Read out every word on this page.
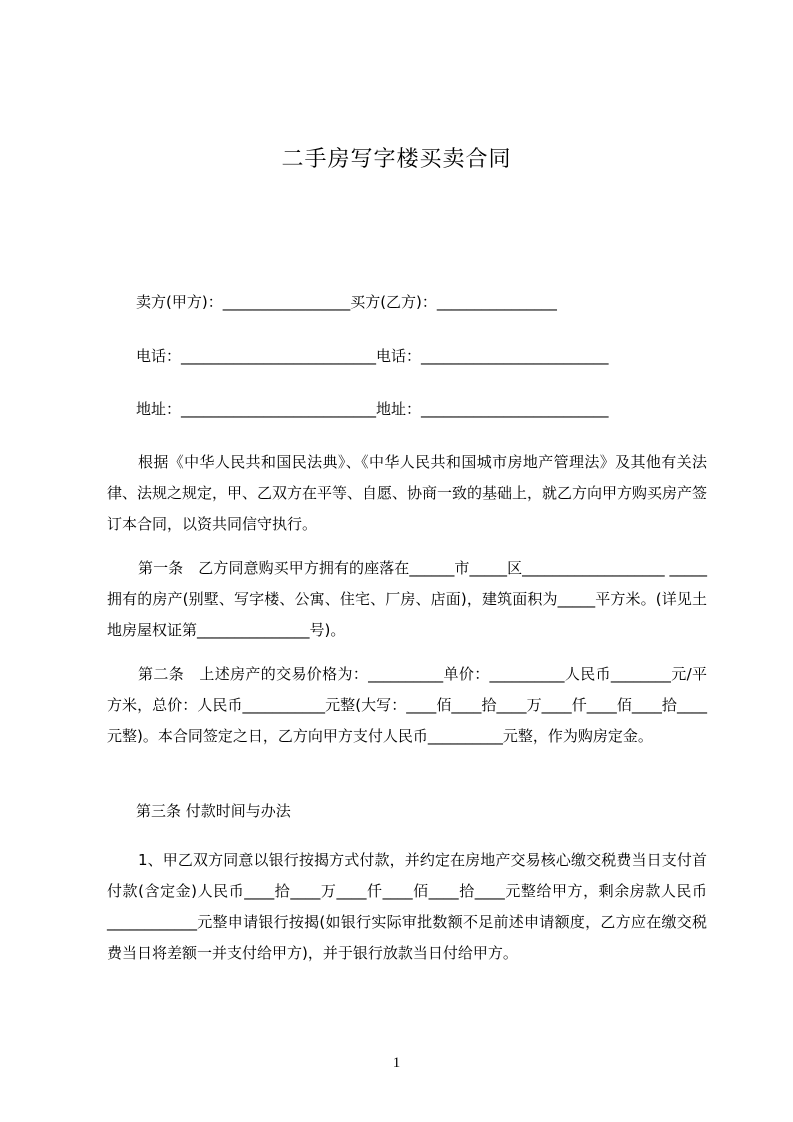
二手房写字楼买卖合同
卖方(甲方)：_________________买方(乙方)：________________
电话：__________________________电话：_________________________
地址：__________________________地址：_________________________
根据《中华人民共和国民法典》、《中华人民共和国城市房地产管理法》及其他有关法律、法规之规定，甲、乙双方在平等、自愿、协商一致的基础上，就乙方向甲方购买房产签订本合同，以资共同信守执行。
第一条　乙方同意购买甲方拥有的座落在______市_____区___________________ _____拥有的房产(别墅、写字楼、公寓、住宅、厂房、店面)，建筑面积为_____平方米。(详见土地房屋权证第_______________号)。
第二条　上述房产的交易价格为：__________单价：__________人民币________元/平方米，总价：人民币___________元整(大写：____佰____拾____万____仟____佰____拾____元整)。本合同签定之日，乙方向甲方支付人民币__________元整，作为购房定金。
第三条 付款时间与办法
1、甲乙双方同意以银行按揭方式付款，并约定在房地产交易核心缴交税费当日支付首付款(含定金)人民币____拾____万____仟____佰____拾____元整给甲方，剩余房款人民币____________元整申请银行按揭(如银行实际审批数额不足前述申请额度，乙方应在缴交税费当日将差额一并支付给甲方)，并于银行放款当日付给甲方。
1
